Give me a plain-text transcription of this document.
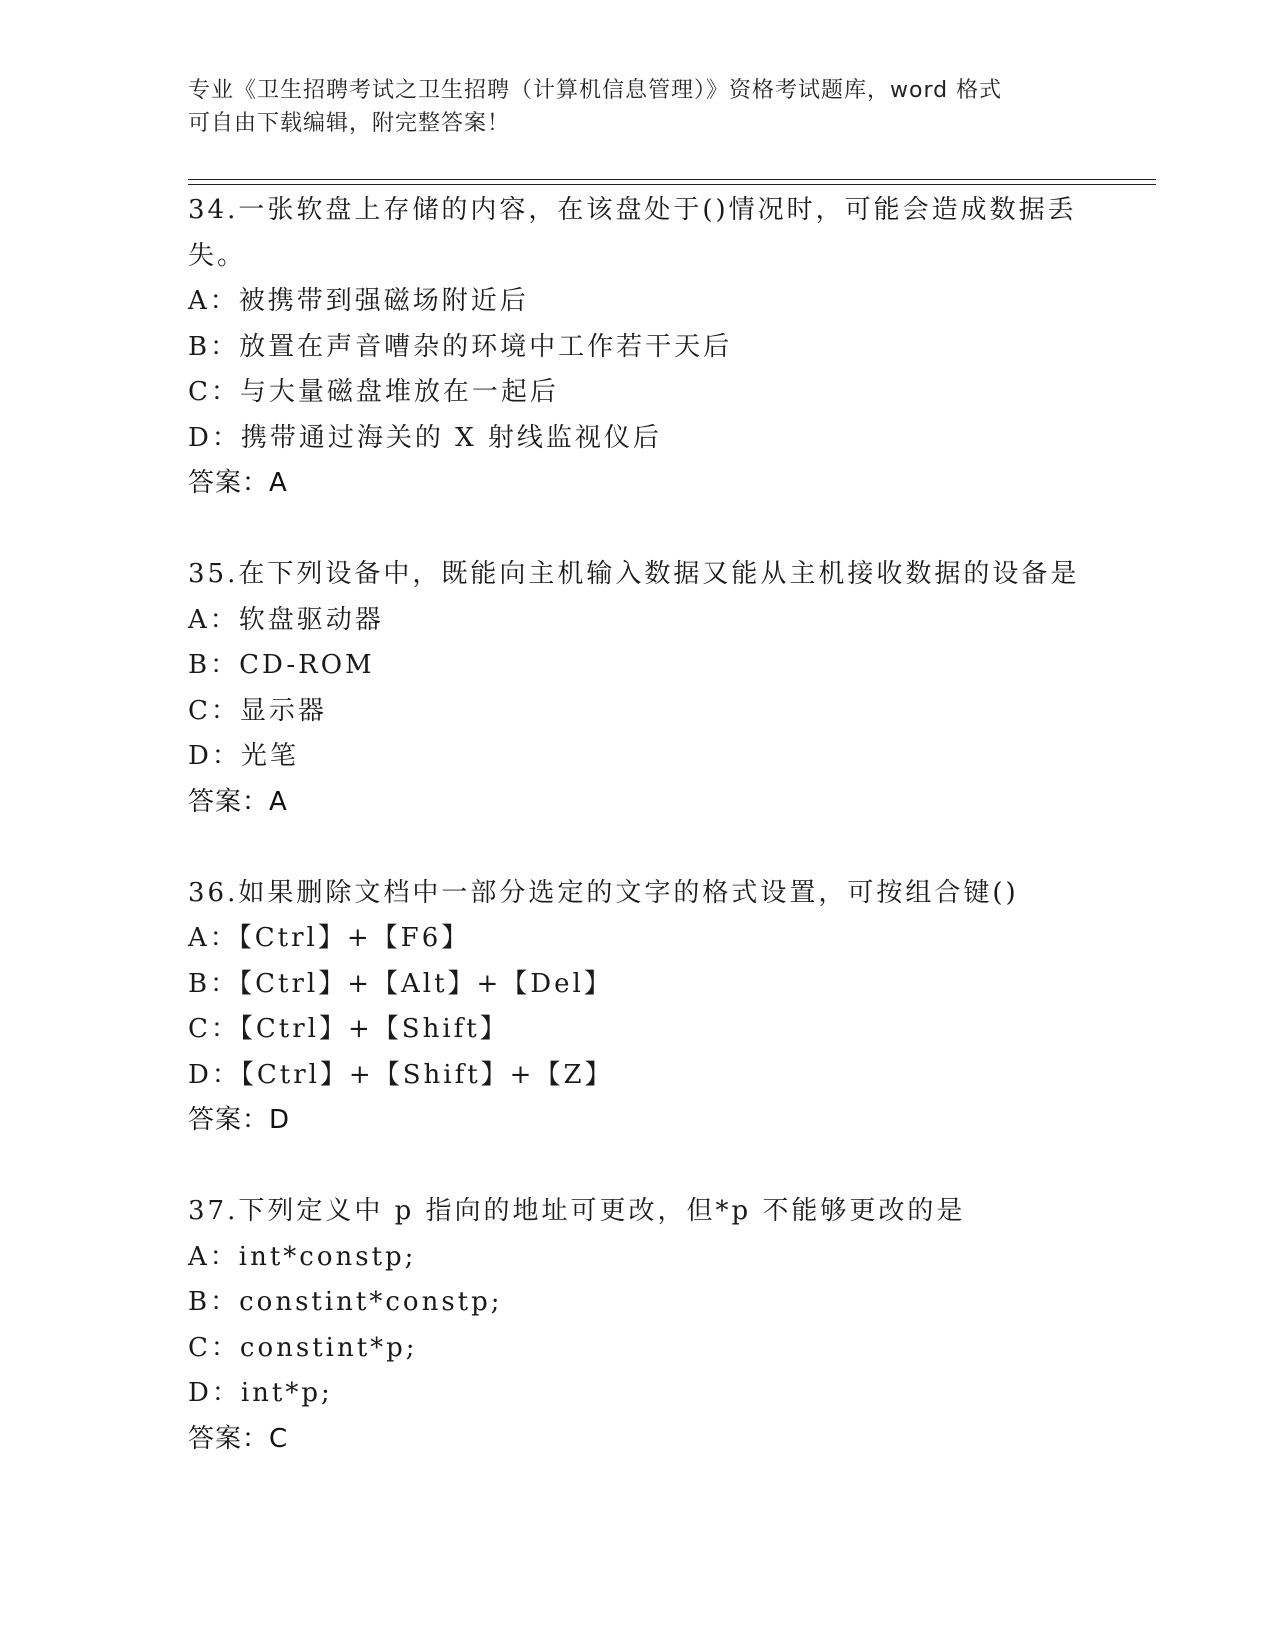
专业《卫生招聘考试之卫生招聘（计算机信息管理）》资格考试题库，word 格式
可自由下载编辑，附完整答案！
34.一张软盘上存储的内容，在该盘处于()情况时，可能会造成数据丢
失。
A：被携带到强磁场附近后
B：放置在声音嘈杂的环境中工作若干天后
C：与大量磁盘堆放在一起后
D：携带通过海关的 X 射线监视仪后
答案：A
35.在下列设备中，既能向主机输入数据又能从主机接收数据的设备是
A：软盘驱动器
B：CD-ROM
C：显示器
D：光笔
答案：A
36.如果删除文档中一部分选定的文字的格式设置，可按组合键()
A：【Ctrl】+【F6】
B：【Ctrl】+【Alt】+【Del】
C：【Ctrl】+【Shift】
D：【Ctrl】+【Shift】+【Z】
答案：D
37.下列定义中 p 指向的地址可更改，但*p 不能够更改的是
A：int*constp;
B：constint*constp;
C：constint*p;
D：int*p;
答案：C
